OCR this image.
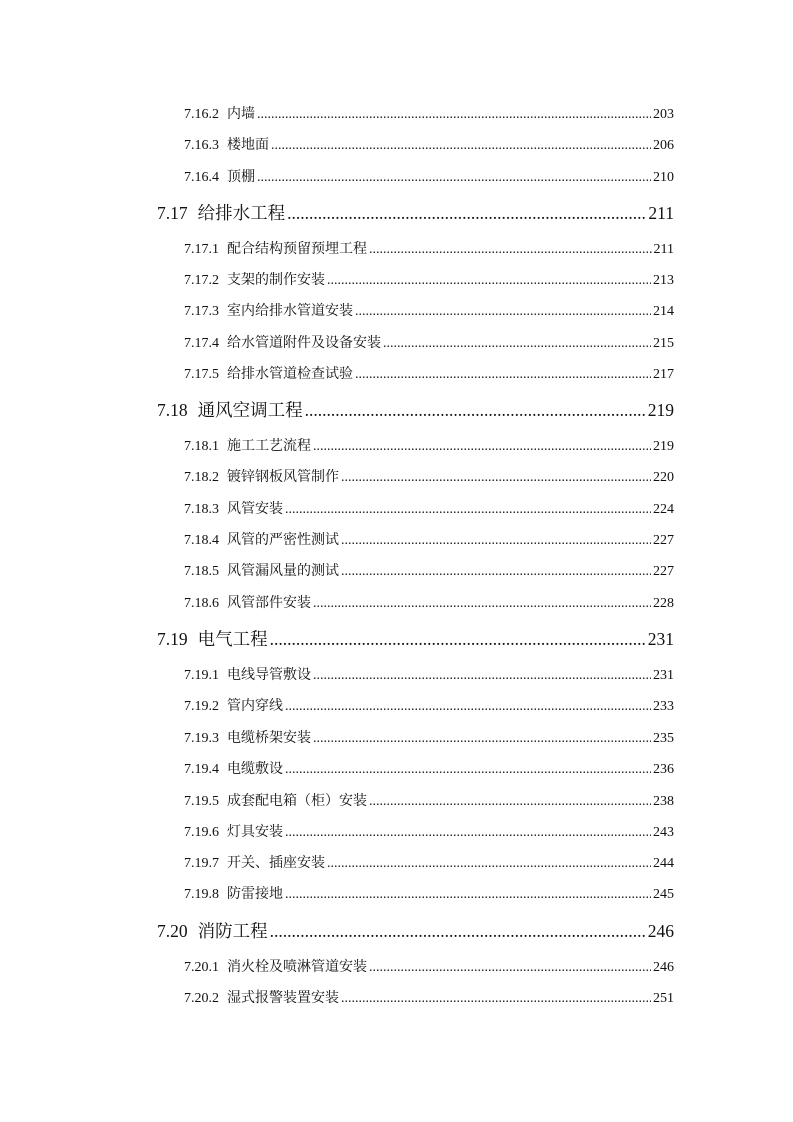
7.16.2 内墙 .....	203
7.16.3 楼地面 .....	206
7.16.4 顶棚 .....	210
7.17 给排水工程 .....	211
7.17.1 配合结构预留预埋工程 .....	211
7.17.2 支架的制作安装 .....	213
7.17.3 室内给排水管道安装 .....	214
7.17.4 给水管道附件及设备安装 .....	215
7.17.5 给排水管道检查试验 .....	217
7.18 通风空调工程 .....	219
7.18.1 施工工艺流程 .....	219
7.18.2 镀锌钢板风管制作 .....	220
7.18.3 风管安装 .....	224
7.18.4 风管的严密性测试 .....	227
7.18.5 风管漏风量的测试 .....	227
7.18.6 风管部件安装 .....	228
7.19 电气工程 .....	231
7.19.1 电线导管敷设 .....	231
7.19.2 管内穿线 .....	233
7.19.3 电缆桥架安装 .....	235
7.19.4 电缆敷设 .....	236
7.19.5 成套配电箱（柜）安装 .....	238
7.19.6 灯具安装 .....	243
7.19.7 开关、插座安装 .....	244
7.19.8 防雷接地 .....	245
7.20 消防工程 .....	246
7.20.1 消火栓及喷淋管道安装 .....	246
7.20.2 湿式报警装置安装 .....	251
